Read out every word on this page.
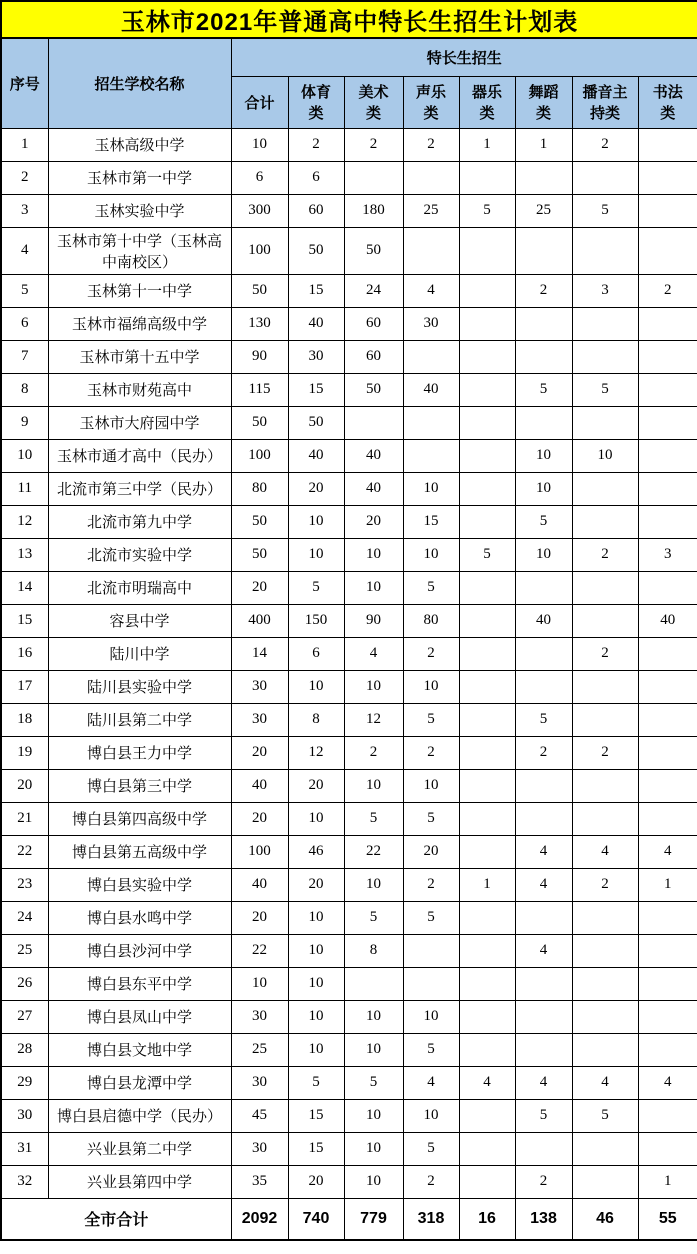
玉林市2021年普通高中特长生招生计划表									
序号	招生学校名称	特长生招生							
		合计	体育类	美术类	声乐类	器乐类	舞蹈类	播音主持类	书法类
1	玉林高级中学	10	2	2	2	1	1	2	
2	玉林市第一中学	6	6						
3	玉林实验中学	300	60	180	25	5	25	5	
4	玉林市第十中学（玉林高中南校区）	100	50	50					
5	玉林第十一中学	50	15	24	4		2	3	2
6	玉林市福绵高级中学	130	40	60	30				
7	玉林市第十五中学	90	30	60					
8	玉林市财苑高中	115	15	50	40		5	5	
9	玉林市大府园中学	50	50						
10	玉林市通才高中（民办）	100	40	40			10	10	
11	北流市第三中学（民办）	80	20	40	10		10		
12	北流市第九中学	50	10	20	15		5		
13	北流市实验中学	50	10	10	10	5	10	2	3
14	北流市明瑞高中	20	5	10	5				
15	容县中学	400	150	90	80		40		40
16	陆川中学	14	6	4	2			2	
17	陆川县实验中学	30	10	10	10				
18	陆川县第二中学	30	8	12	5		5		
19	博白县王力中学	20	12	2	2		2	2	
20	博白县第三中学	40	20	10	10				
21	博白县第四高级中学	20	10	5	5				
22	博白县第五高级中学	100	46	22	20		4	4	4
23	博白县实验中学	40	20	10	2	1	4	2	1
24	博白县水鸣中学	20	10	5	5				
25	博白县沙河中学	22	10	8			4		
26	博白县东平中学	10	10						
27	博白县凤山中学	30	10	10	10				
28	博白县文地中学	25	10	10	5				
29	博白县龙潭中学	30	5	5	4	4	4	4	4
30	博白县启德中学（民办）	45	15	10	10		5	5	
31	兴业县第二中学	30	15	10	5				
32	兴业县第四中学	35	20	10	2		2		1
全市合计		2092	740	779	318	16	138	46	55
